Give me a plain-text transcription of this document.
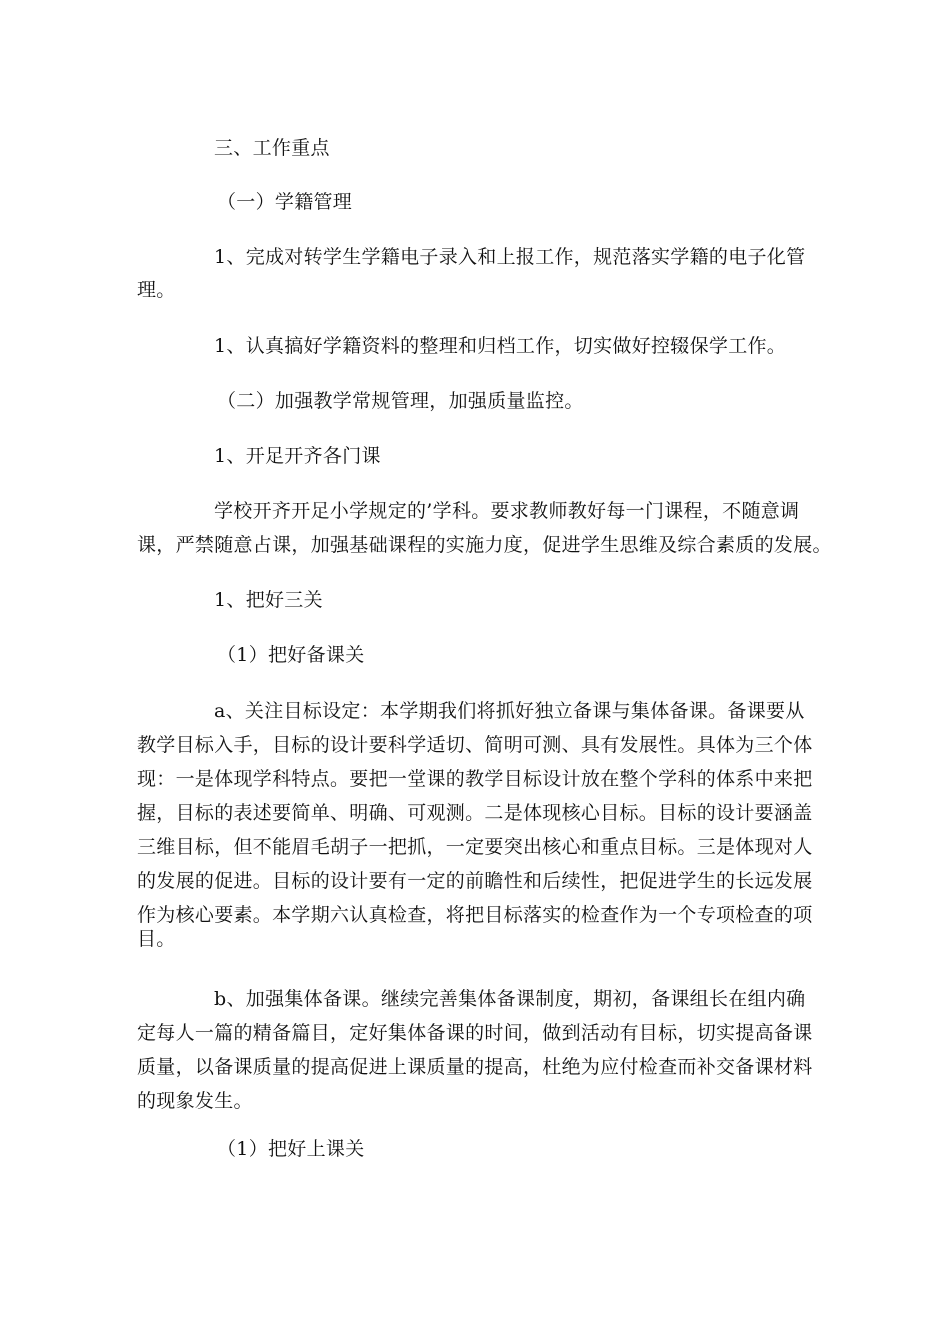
三、工作重点
（一）学籍管理
1、完成对转学生学籍电子录入和上报工作，规范落实学籍的电子化管
理。
1、认真搞好学籍资料的整理和归档工作，切实做好控辍保学工作。
（二）加强教学常规管理，加强质量监控。
1、开足开齐各门课
学校开齐开足小学规定的’学科。要求教师教好每一门课程，不随意调
课，严禁随意占课，加强基础课程的实施力度，促进学生思维及综合素质的发展。
1、把好三关
（1）把好备课关
a、关注目标设定：本学期我们将抓好独立备课与集体备课。备课要从
教学目标入手，目标的设计要科学适切、简明可测、具有发展性。具体为三个体
现：一是体现学科特点。要把一堂课的教学目标设计放在整个学科的体系中来把
握，目标的表述要简单、明确、可观测。二是体现核心目标。目标的设计要涵盖
三维目标，但不能眉毛胡子一把抓，一定要突出核心和重点目标。三是体现对人
的发展的促进。目标的设计要有一定的前瞻性和后续性，把促进学生的长远发展
作为核心要素。本学期六认真检查，将把目标落实的检查作为一个专项检查的项
目。
b、加强集体备课。继续完善集体备课制度，期初，备课组长在组内确
定每人一篇的精备篇目，定好集体备课的时间，做到活动有目标，切实提高备课
质量，以备课质量的提高促进上课质量的提高，杜绝为应付检查而补交备课材料
的现象发生。
（1）把好上课关
